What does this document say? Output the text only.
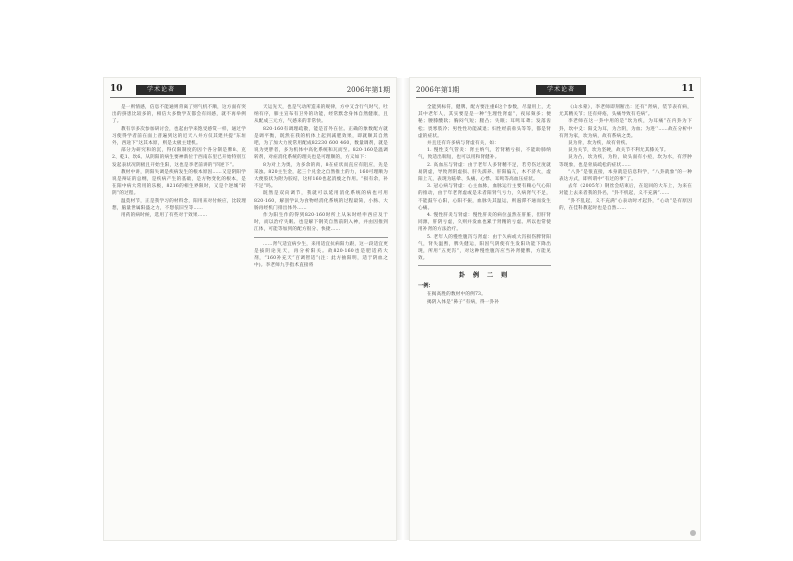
10	学术论著	2006年第1期

是一则情感，信息不能通则背离了则气机不顺，这方面有突出的挤患比较多的，相信大多数学友都会有同感，就不再举例了。

教有享多次参加研讨会，也起由学来饱受感赏一样，通过学习使得学者前在面上普遍到这的近天八井方仅其建共提“东垣外，西途下”这其本原，则是太极主建机。

部分为研究和的沉，得仅限制度的因个各分制是脾8、克2、乾1、坎6。从阴阳的病生要神新位于西南东里已开始特别互发起表状况阴极且开始生阳，这也是李老前讲的“四逆下”。

教材中讲，阴阳失调是疾病发生的根本原因……又是阴阳学说是辩证的总纲，是疾病产生的基础，是方物变化的根本，是在阳中病大常用的乐极，8216的相生界限时，又是个逆城“转阴”的过程。

温莫材节，正是我学习的材料念，阳用来对付候应，比较理想，脑量世属阳盛之力，不想依旧至等……

用药的病时候，选用了有些对于效果……

天运先天，也是气动所造来的规律，方中又含行气时气，吐纳有序，肺主宣布有卫外的功能，经常默念身体自然健康，且从配成三元方，气感来的非常快。

820·160有调理疏散，能是首外在位。正确的象数配方就是调平衡，既然在我的机体上起到减肥效果，即就顺其自然吧，为了加大力度常用配成82230 600 460，数量调剂，就是说为更胖者，多为机体中高化系统和瓦而至。820·160是温调转剂，对症消化系统的理关也是可理顺的，方义如下：

8为对上为奥，为多余的肉，8在症状而直应有阻应，先是采浊。820主生金，起三个兑金之自然推土的力，160可理顺为大便胶状为附为胶结，这样160也起消瘦之作用。“损有余，补不足”吗。

既然是双向调节，我就可以延用消化系统的病也可用820·160，解剖学认为食物经消化系统的过程最简，小肠、大肠再经机门排出体外……

作为阳生作的得到820·160时所上从朱时经申西应及于时，而以治疗失眠、也是解下钢笑自然前阴入神，并由因推到江体，可能等加到的配方很分、快捷……

……肾气适宜病少生，来用适宜抗病阳力跟，这一段适宜更是拔阴论先天，再分析阳关。故820·160也是肥适药大剂，“160补充天”百调智适”(注：此方抽阳明，适于阴血之中)。李老师九手指术直接将

2006年第1期	学术论著	11

全能到标符，健牌，配方要注重6这个参数，尽量用上，尤其中老年人，其实要是是一种“生理性肾虚”，夜尿频多；便秘；腰膝酸软；胸闷气短；腿凸；失眠；耳鸣耳聋；发落齿松；畏寒肢冷；男性性功能减退；妇性经前垂头等等，都是肾虚的症状。

并且还有许多病与肾虚有关，如：

1. 慢性支气管炎：肾主纳气，若肾精亏损，不能助肺纳气，致适出喘短，也可以用和肾健补。

2. 高血压与肾虚：由于老年人多肾精不足，若劳伤过度就易阴虚，导致肾阴虚损、肝失濡养、肝阳偏亢，木不济火，虚阳上亢，表现为眩晕、头痛、心悸、耳鸣等高血压症状。

3. 冠心病与肾虚：心主血脉，血脉运行主要有赖心气心阳的推动，由于年老肾虚或是未者阳肾气亏力，久病肾气不足，不能鼓午心阳，心阳不振，血脉失其温运，则遏滞不通而发生心痛。

4. 慢性肝炎与肾虚：慢性肝炎的病位虽然在肝脏，但肝肾同源，肝阴亏虚，久则并发血也累于肾精的亏虚。所以也常使用补肾的方法治疗。

5. 老年人的慢性腹泻与肾虚：由于久病或大泻损伤脾肾阳气，肾失温煦，脾失健运，阳因气阴使有生发阳功能下降出现，所用“五更泻”，对这种慢性腹泻应当补肾健脾，方能见效。

卦 例 二 则
一例：

在揭高胜的数材中的例73。

揭阴入体是“鼻子”有病，得一卦补

《山水蒙》，李老师即刻断出：还有“肾病，装节表有病，尤其精关节；还有痔疮，头痛导致有毛病”。

李老师在这一卦中用的是“坎为疾，为耳痛”在内卦为下卦，坎中爻：阳爻为耳，为合阴，为血；为进‘’……故在分析中有肾为家，坎为病，故有系病之类。

艮为骨，坎为疾，故有骨疾。

艮为关节，坎为坚硬，故关节不利尤其膝关节。

艮为凸，坎为疾，为粒，故头面有小痘，坎为水，有浮肿等现象，也是骨质疏松的症状……

“八卦”是很直接，本身就是信息科学，“八卦就象”的一种表达方式，即所谓中“有过的事”了。

去年（2005年）钢丝会结束后，在返回的大车上，为来在对能上去来者我的卦名，“卦不机起，义不充满”……

“卦不乱起，义不充满”心表动时才起卦，“心动”是有原因的，在佳科教起时也是自然……
